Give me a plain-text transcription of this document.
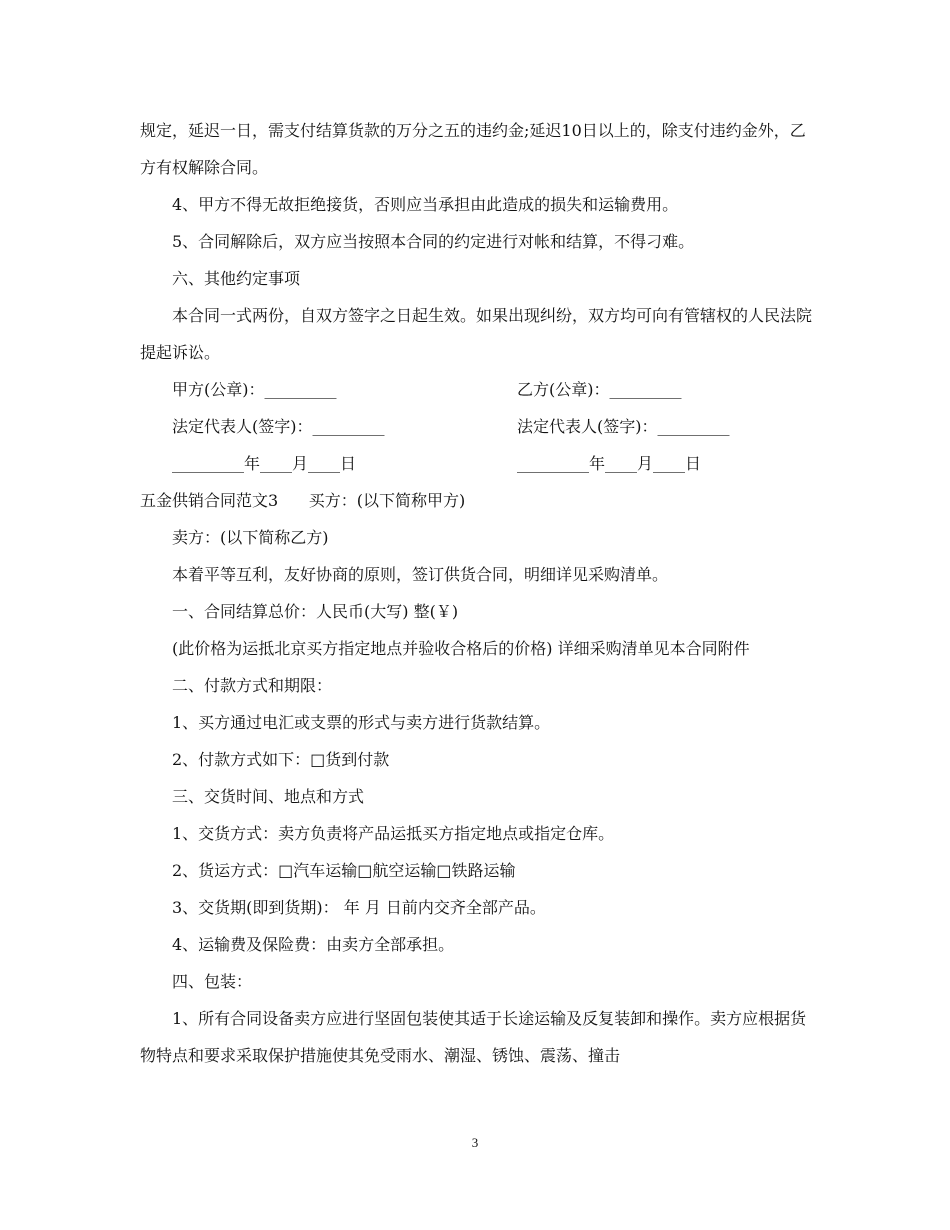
规定，延迟一日，需支付结算货款的万分之五的违约金;延迟10日以上的，除支付违约金外，乙方有权解除合同。

4、甲方不得无故拒绝接货，否则应当承担由此造成的损失和运输费用。

5、合同解除后，双方应当按照本合同的约定进行对帐和结算，不得刁难。

六、其他约定事项

本合同一式两份，自双方签字之日起生效。如果出现纠纷，双方均可向有管辖权的人民法院提起诉讼。

甲方(公章)：_________	乙方(公章)：_________
法定代表人(签字)：_________	法定代表人(签字)：_________
_________年____月____日	_________年____月____日

五金供销合同范文3      买方：(以下简称甲方)

卖方：(以下简称乙方)

本着平等互利，友好协商的原则，签订供货合同，明细详见采购清单。

一、合同结算总价：人民币(大写) 整(￥)

(此价格为运抵北京买方指定地点并验收合格后的价格) 详细采购清单见本合同附件

二、付款方式和期限：

1、买方通过电汇或支票的形式与卖方进行货款结算。

2、付款方式如下：□货到付款

三、交货时间、地点和方式

1、交货方式：卖方负责将产品运抵买方指定地点或指定仓库。

2、货运方式：□汽车运输□航空运输□铁路运输

3、交货期(即到货期)： 年 月 日前内交齐全部产品。

4、运输费及保险费：由卖方全部承担。

四、包装：

1、所有合同设备卖方应进行坚固包装使其适于长途运输及反复装卸和操作。卖方应根据货物特点和要求采取保护措施使其免受雨水、潮湿、锈蚀、震荡、撞击

3
